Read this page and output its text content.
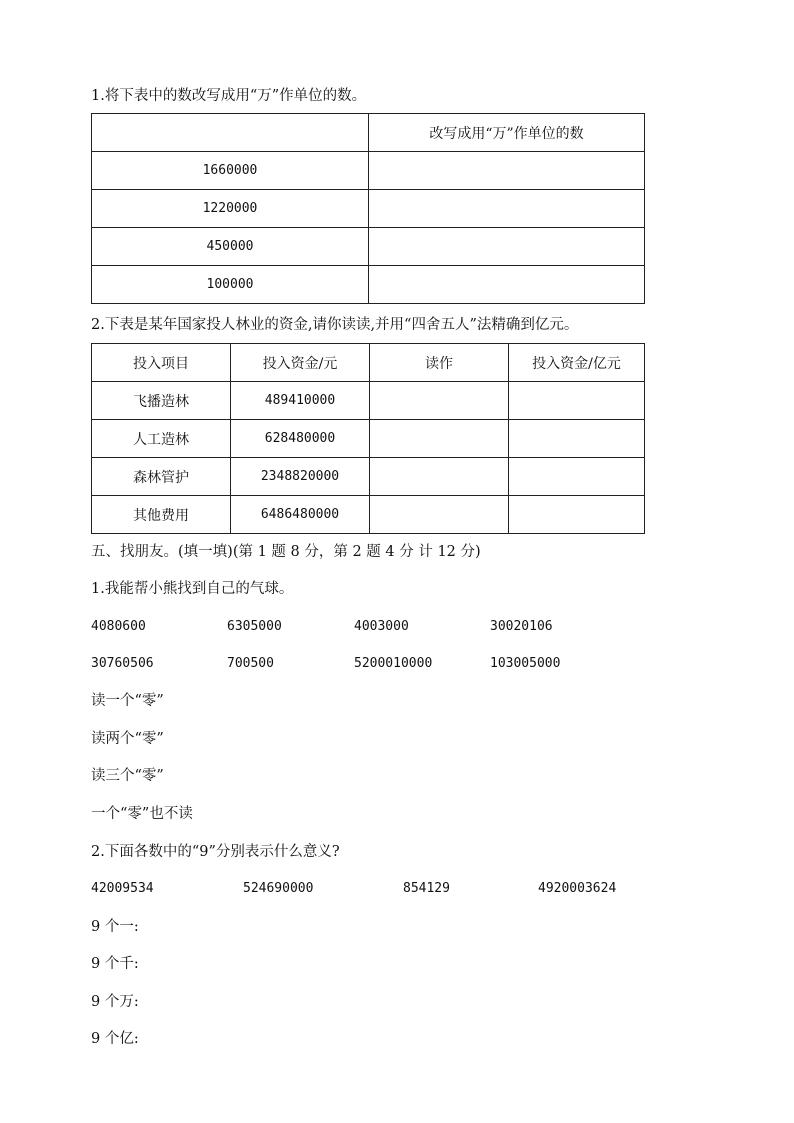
1.将下表中的数改写成用“万”作单位的数。
	改写成用“万”作单位的数
1660000	
1220000	
450000	
100000	
2.下表是某年国家投人林业的资金,请你读读,并用“四舍五人”法精确到亿元。
投入项目	投入资金/元	读作	投入资金/亿元
飞播造林	489410000		
人工造林	628480000		
森林管护	2348820000		
其他费用	6486480000		
五、找朋友。(填一填)(第 1 题 8 分，第 2 题 4 分 计 12 分)
1.我能帮小熊找到自己的气球。
4080600	6305000	4003000	30020106
30760506	700500	5200010000	103005000
读一个“零”
读两个“零”
读三个“零”
一个“零”也不读
2.下面各数中的“9”分别表示什么意义?
42009534	524690000	854129	4920003624
9 个一:
9 个千:
9 个万:
9 个亿:
